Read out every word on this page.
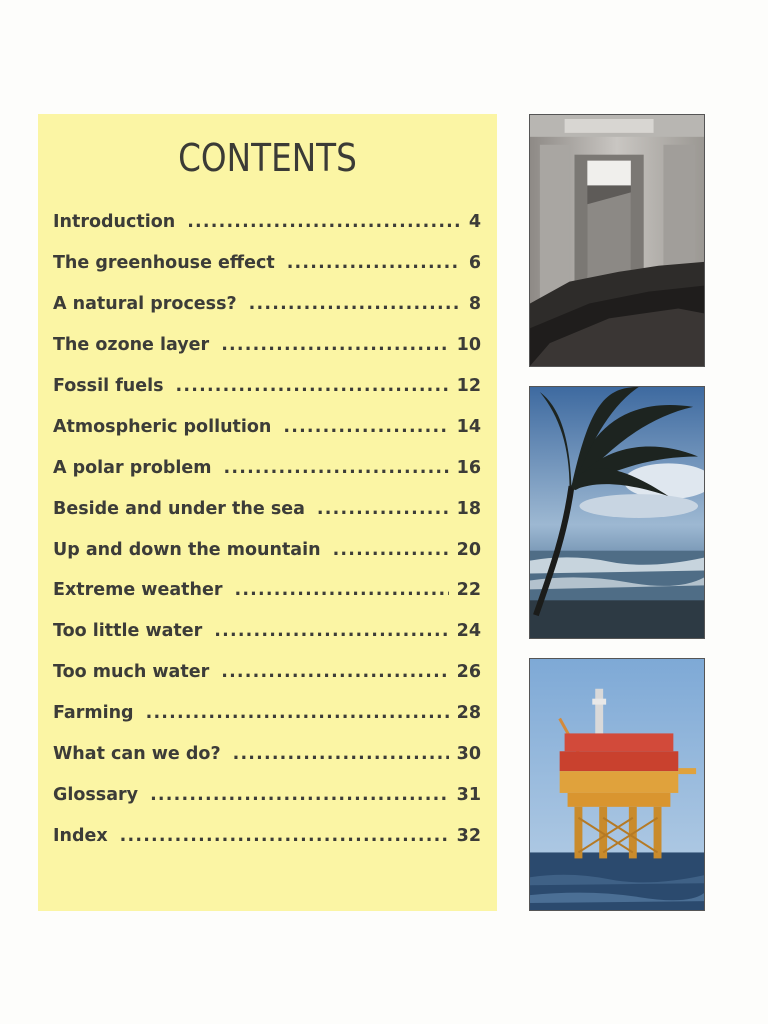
CONTENTS
Introduction .....	4
The greenhouse effect .....	6
A natural process? .....	8
The ozone layer .....	10
Fossil fuels .....	12
Atmospheric pollution .....	14
A polar problem .....	16
Beside and under the sea .....	18
Up and down the mountain .....	20
Extreme weather .....	22
Too little water .....	24
Too much water .....	26
Farming .....	28
What can we do? .....	30
Glossary .....	31
Index .....	32
